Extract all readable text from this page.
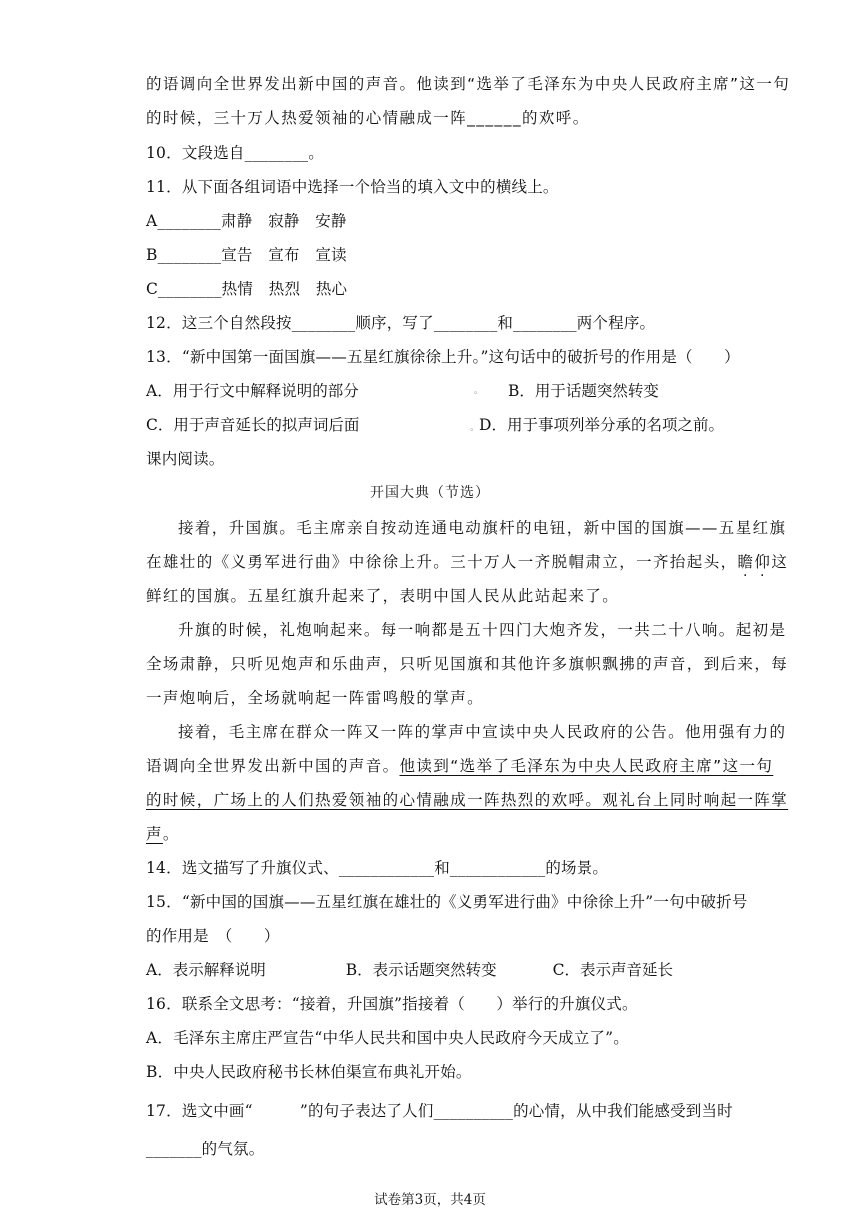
的语调向全世界发出新中国的声音。他读到“选举了毛泽东为中央人民政府主席”这一句
的时候，三十万人热爱领袖的心情融成一阵______的欢呼。
10．文段选自________。
11．从下面各组词语中选择一个恰当的填入文中的横线上。
A________肃静　寂静　安静
B________宣告　宣布　宣读
C________热情　热烈　热心
12．这三个自然段按________顺序，写了________和________两个程序。
13．“新中国第一面国旗——五星红旗徐徐上升。”这句话中的破折号的作用是（　　）
A．用于行文中解释说明的部分	。 B．用于话题突然转变
C．用于声音延长的拟声词后面	。D．用于事项列举分承的名项之前。
课内阅读。
开国大典（节选）
接着，升国旗。毛主席亲自按动连通电动旗杆的电钮，新中国的国旗——五星红旗
在雄壮的《义勇军进行曲》中徐徐上升。三十万人一齐脱帽肃立，一齐抬起头，瞻仰这
鲜红的国旗。五星红旗升起来了，表明中国人民从此站起来了。
升旗的时候，礼炮响起来。每一响都是五十四门大炮齐发，一共二十八响。起初是
全场肃静，只听见炮声和乐曲声，只听见国旗和其他许多旗帜飘拂的声音，到后来，每
一声炮响后，全场就响起一阵雷鸣般的掌声。
接着，毛主席在群众一阵又一阵的掌声中宣读中央人民政府的公告。他用强有力的
语调向全世界发出新中国的声音。他读到“选举了毛泽东为中央人民政府主席”这一句
的时候，广场上的人们热爱领袖的心情融成一阵热烈的欢呼。观礼台上同时响起一阵掌
声。
14．选文描写了升旗仪式、____________和____________的场景。
15．“新中国的国旗——五星红旗在雄壮的《义勇军进行曲》中徐徐上升”一句中破折号
的作用是　（　　）
A．表示解释说明	B．表示话题突然转变	C．表示声音延长
16．联系全文思考：“接着，升国旗”指接着（　　）举行的升旗仪式。
A．毛泽东主席庄严宣告“中华人民共和国中央人民政府今天成立了”。
B．中央人民政府秘书长林伯渠宣布典礼开始。
17．选文中画“　　　”的句子表达了人们__________的心情，从中我们能感受到当时
_______的气氛。
试卷第3页，共4页
